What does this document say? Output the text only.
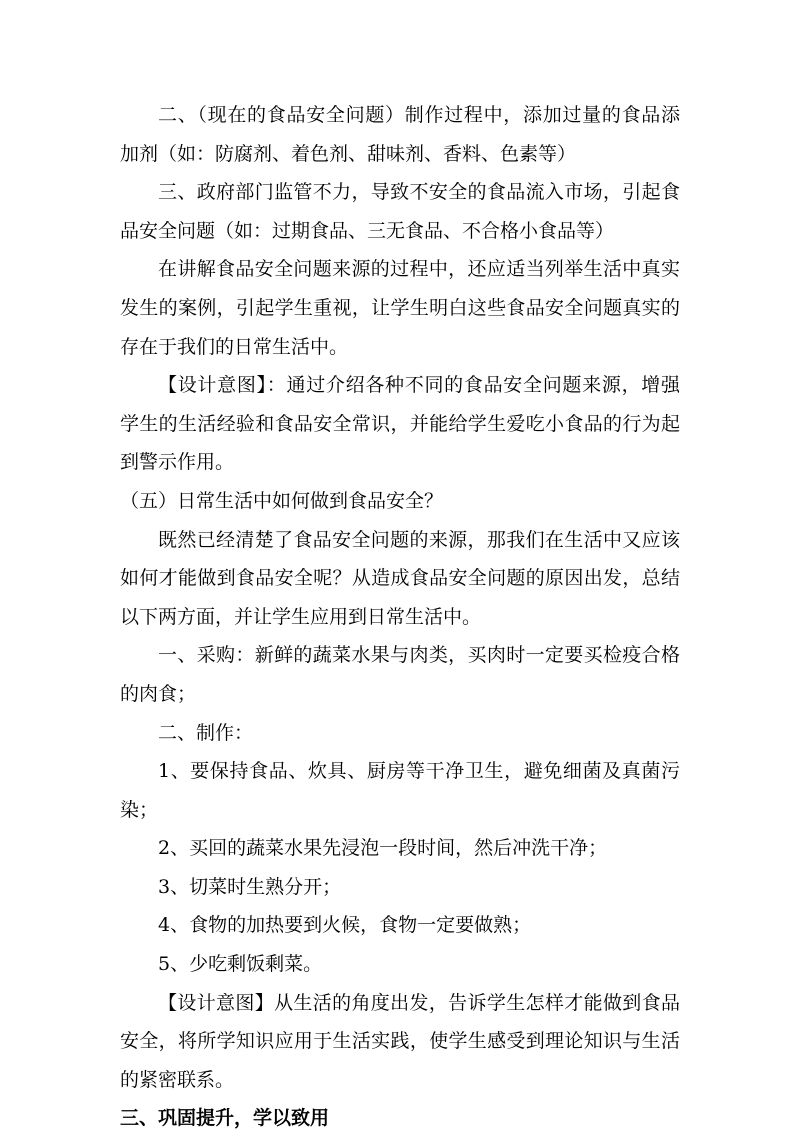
二、（现在的食品安全问题）制作过程中，添加过量的食品添加剂（如：防腐剂、着色剂、甜味剂、香料、色素等）

三、政府部门监管不力，导致不安全的食品流入市场，引起食品安全问题（如：过期食品、三无食品、不合格小食品等）

在讲解食品安全问题来源的过程中，还应适当列举生活中真实发生的案例，引起学生重视，让学生明白这些食品安全问题真实的存在于我们的日常生活中。

【设计意图】：通过介绍各种不同的食品安全问题来源，增强学生的生活经验和食品安全常识，并能给学生爱吃小食品的行为起到警示作用。

（五）日常生活中如何做到食品安全？

既然已经清楚了食品安全问题的来源，那我们在生活中又应该如何才能做到食品安全呢？从造成食品安全问题的原因出发，总结以下两方面，并让学生应用到日常生活中。

一、采购：新鲜的蔬菜水果与肉类，买肉时一定要买检疫合格的肉食；

二、制作：

1、要保持食品、炊具、厨房等干净卫生，避免细菌及真菌污染；

2、买回的蔬菜水果先浸泡一段时间，然后冲洗干净；

3、切菜时生熟分开；

4、食物的加热要到火候，食物一定要做熟；

5、少吃剩饭剩菜。

【设计意图】从生活的角度出发，告诉学生怎样才能做到食品安全，将所学知识应用于生活实践，使学生感受到理论知识与生活的紧密联系。

三、巩固提升，学以致用
